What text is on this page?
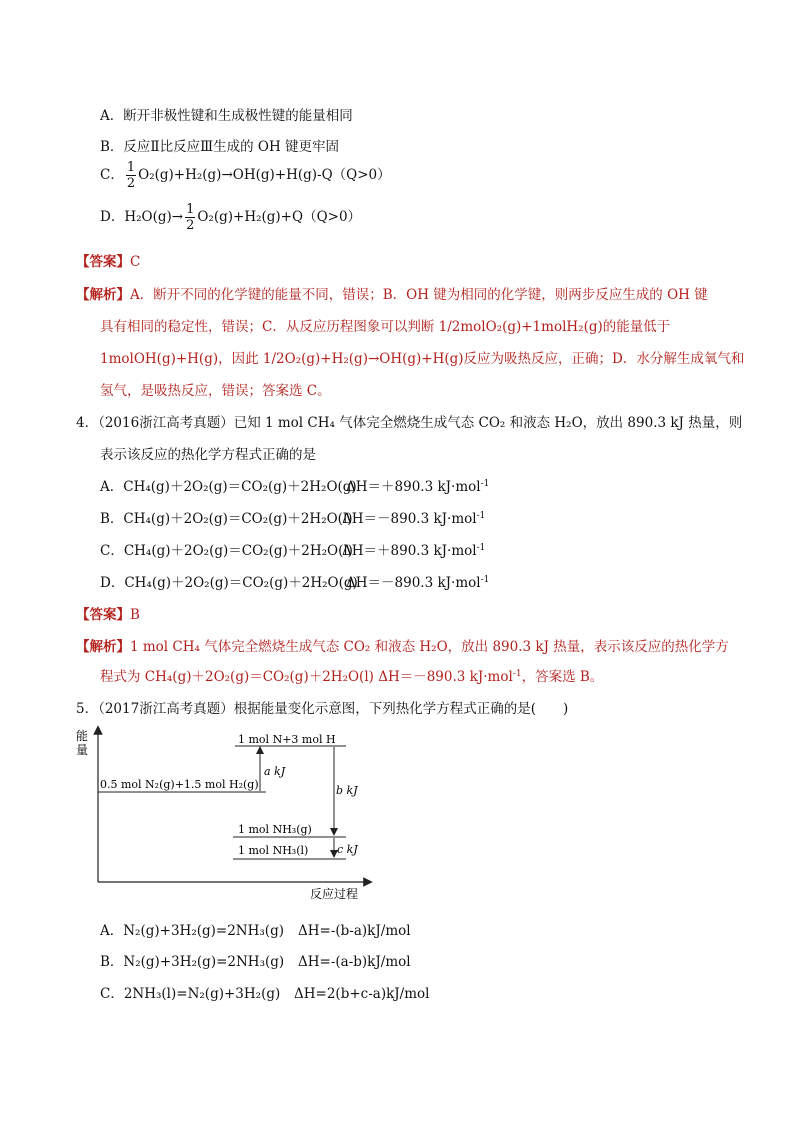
A．断开非极性键和生成极性键的能量相同
B．反应Ⅱ比反应Ⅲ生成的 OH 键更牢固
C． $\frac{1}{2} O_2(g)+H_2(g)\to OH(g)+H(g)-Q(Q>0)$
D．$H_2O(g)\to \frac{1}{2} O_2(g)+H_2(g)+Q(Q>0)$
【答案】C
【解析】A．断开不同的化学键的能量不同，错误；B．OH 键为相同的化学键，则两步反应生成的 OH 键
具有相同的稳定性，错误；C．从反应历程图象可以判断 1/2molO₂(g)+1molH₂(g)的能量低于
1molOH(g)+H(g)，因此 1/2O₂(g)+H₂(g)→OH(g)+H(g)反应为吸热反应，正确；D．水分解生成氧气和
氢气，是吸热反应，错误；答案选 C。
4．（2016浙江高考真题）已知 1 mol CH₄ 气体完全燃烧生成气态 CO₂ 和液态 H₂O，放出 890.3 kJ 热量，则
表示该反应的热化学方程式正确的是
A．CH₄(g)＋2O₂(g)＝CO₂(g)＋2H₂O(g)ΔH＝＋890.3 kJ·mol$^{-1}$
B．CH₄(g)＋2O₂(g)＝CO₂(g)＋2H₂O(l)ΔH＝－890.3 kJ·mol$^{-1}$
C．CH₄(g)＋2O₂(g)＝CO₂(g)＋2H₂O(l)ΔH＝＋890.3 kJ·mol$^{-1}$
D．CH₄(g)＋2O₂(g)＝CO₂(g)＋2H₂O(g)ΔH＝－890.3 kJ·mol$^{-1}$
【答案】B
【解析】1 mol CH₄ 气体完全燃烧生成气态 CO₂ 和液态 H₂O，放出 890.3 kJ 热量，表示该反应的热化学方
程式为 CH₄(g)＋2O₂(g)＝CO₂(g)＋2H₂O(l) ΔH＝－890.3 kJ·mol$^{-1}$，答案选 B。
5．（2017浙江高考真题）根据能量变化示意图，下列热化学方程式正确的是(　　)
能
量
反应过程
1 mol N+3 mol H
0.5 mol N₂(g)+1.5 mol H₂(g)
a kJ
b kJ
1 mol NH₃(g)
1 mol NH₃(l)	c kJ
A．N₂(g)+3H₂(g)=2NH₃(g) ΔH=-(b-a)kJ/mol
B．N₂(g)+3H₂(g)=2NH₃(g) ΔH=-(a-b)kJ/mol
C．2NH₃(l)=N₂(g)+3H₂(g) ΔH=2(b+c-a)kJ/mol
